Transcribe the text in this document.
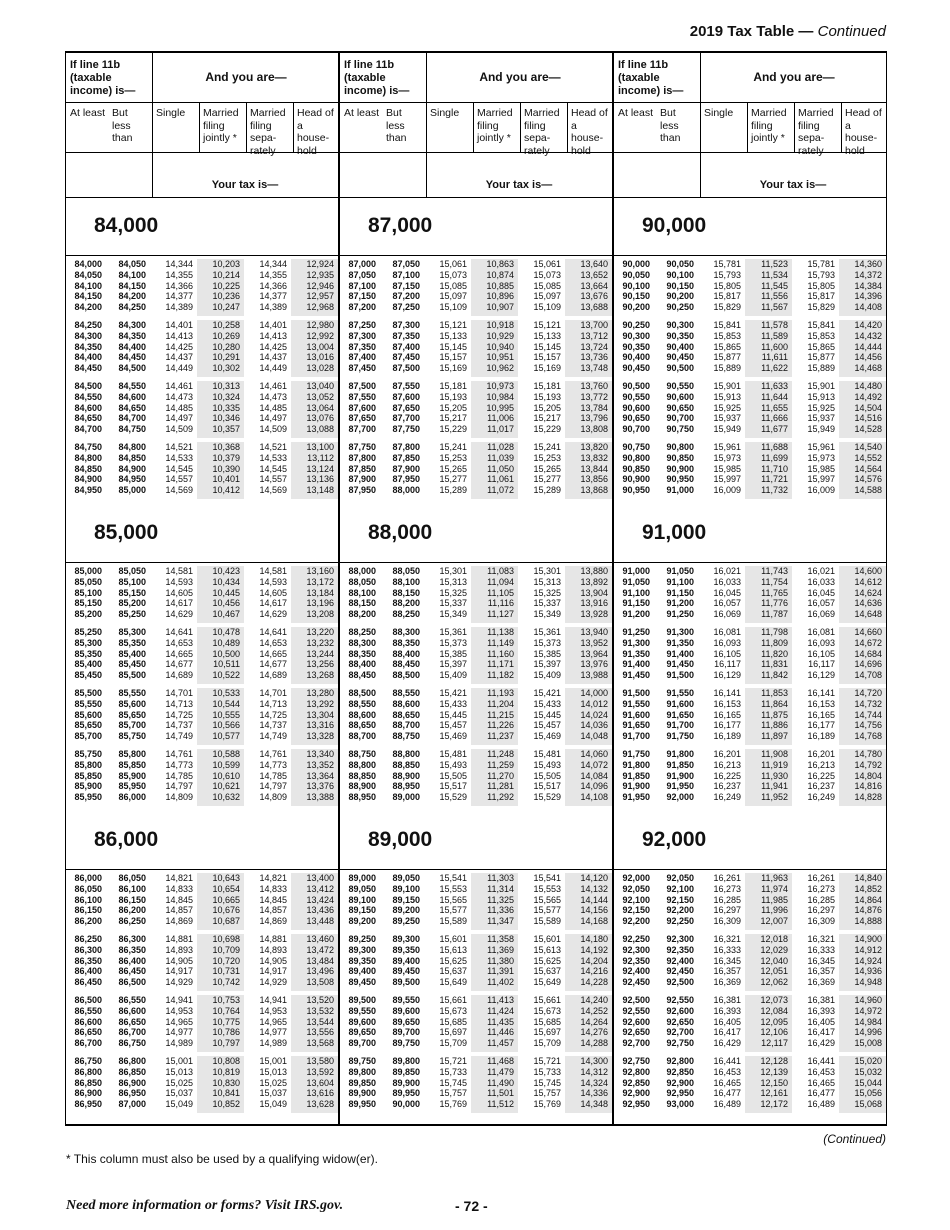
2019 Tax Table — Continued
If line 11b (taxable income) is—
And you are—
At least But less than
Single	Married filing jointly *
Married filing sepa- rately
Head of a house- hold
Your tax is—
84,000
84,000	84,050	14,344	10,203	14,344	12,924
84,050	84,100	14,355	10,214	14,355	12,935
84,100	84,150	14,366	10,225	14,366	12,946
84,150	84,200	14,377	10,236	14,377	12,957
84,200	84,250	14,389	10,247	14,389	12,968
84,250	84,300	14,401	10,258	14,401	12,980
84,300	84,350	14,413	10,269	14,413	12,992
84,350	84,400	14,425	10,280	14,425	13,004
84,400	84,450	14,437	10,291	14,437	13,016
84,450	84,500	14,449	10,302	14,449	13,028
84,500	84,550	14,461	10,313	14,461	13,040
84,550	84,600	14,473	10,324	14,473	13,052
84,600	84,650	14,485	10,335	14,485	13,064
84,650	84,700	14,497	10,346	14,497	13,076
84,700	84,750	14,509	10,357	14,509	13,088
84,750	84,800	14,521	10,368	14,521	13,100
84,800	84,850	14,533	10,379	14,533	13,112
84,850	84,900	14,545	10,390	14,545	13,124
84,900	84,950	14,557	10,401	14,557	13,136
84,950	85,000	14,569	10,412	14,569	13,148
85,000
85,000	85,050	14,581	10,423	14,581	13,160
85,050	85,100	14,593	10,434	14,593	13,172
85,100	85,150	14,605	10,445	14,605	13,184
85,150	85,200	14,617	10,456	14,617	13,196
85,200	85,250	14,629	10,467	14,629	13,208
85,250	85,300	14,641	10,478	14,641	13,220
85,300	85,350	14,653	10,489	14,653	13,232
85,350	85,400	14,665	10,500	14,665	13,244
85,400	85,450	14,677	10,511	14,677	13,256
85,450	85,500	14,689	10,522	14,689	13,268
85,500	85,550	14,701	10,533	14,701	13,280
85,550	85,600	14,713	10,544	14,713	13,292
85,600	85,650	14,725	10,555	14,725	13,304
85,650	85,700	14,737	10,566	14,737	13,316
85,700	85,750	14,749	10,577	14,749	13,328
85,750	85,800	14,761	10,588	14,761	13,340
85,800	85,850	14,773	10,599	14,773	13,352
85,850	85,900	14,785	10,610	14,785	13,364
85,900	85,950	14,797	10,621	14,797	13,376
85,950	86,000	14,809	10,632	14,809	13,388
86,000
86,000	86,050	14,821	10,643	14,821	13,400
86,050	86,100	14,833	10,654	14,833	13,412
86,100	86,150	14,845	10,665	14,845	13,424
86,150	86,200	14,857	10,676	14,857	13,436
86,200	86,250	14,869	10,687	14,869	13,448
86,250	86,300	14,881	10,698	14,881	13,460
86,300	86,350	14,893	10,709	14,893	13,472
86,350	86,400	14,905	10,720	14,905	13,484
86,400	86,450	14,917	10,731	14,917	13,496
86,450	86,500	14,929	10,742	14,929	13,508
86,500	86,550	14,941	10,753	14,941	13,520
86,550	86,600	14,953	10,764	14,953	13,532
86,600	86,650	14,965	10,775	14,965	13,544
86,650	86,700	14,977	10,786	14,977	13,556
86,700	86,750	14,989	10,797	14,989	13,568
86,750	86,800	15,001	10,808	15,001	13,580
86,800	86,850	15,013	10,819	15,013	13,592
86,850	86,900	15,025	10,830	15,025	13,604
86,900	86,950	15,037	10,841	15,037	13,616
86,950	87,000	15,049	10,852	15,049	13,628
If line 11b (taxable income) is—
And you are—
At least But less than
Single	Married filing jointly *
Married filing sepa- rately
Head of a house- hold
Your tax is—
87,000
87,000	87,050	15,061	10,863	15,061	13,640
87,050	87,100	15,073	10,874	15,073	13,652
87,100	87,150	15,085	10,885	15,085	13,664
87,150	87,200	15,097	10,896	15,097	13,676
87,200	87,250	15,109	10,907	15,109	13,688
87,250	87,300	15,121	10,918	15,121	13,700
87,300	87,350	15,133	10,929	15,133	13,712
87,350	87,400	15,145	10,940	15,145	13,724
87,400	87,450	15,157	10,951	15,157	13,736
87,450	87,500	15,169	10,962	15,169	13,748
87,500	87,550	15,181	10,973	15,181	13,760
87,550	87,600	15,193	10,984	15,193	13,772
87,600	87,650	15,205	10,995	15,205	13,784
87,650	87,700	15,217	11,006	15,217	13,796
87,700	87,750	15,229	11,017	15,229	13,808
87,750	87,800	15,241	11,028	15,241	13,820
87,800	87,850	15,253	11,039	15,253	13,832
87,850	87,900	15,265	11,050	15,265	13,844
87,900	87,950	15,277	11,061	15,277	13,856
87,950	88,000	15,289	11,072	15,289	13,868
88,000
88,000	88,050	15,301	11,083	15,301	13,880
88,050	88,100	15,313	11,094	15,313	13,892
88,100	88,150	15,325	11,105	15,325	13,904
88,150	88,200	15,337	11,116	15,337	13,916
88,200	88,250	15,349	11,127	15,349	13,928
88,250	88,300	15,361	11,138	15,361	13,940
88,300	88,350	15,373	11,149	15,373	13,952
88,350	88,400	15,385	11,160	15,385	13,964
88,400	88,450	15,397	11,171	15,397	13,976
88,450	88,500	15,409	11,182	15,409	13,988
88,500	88,550	15,421	11,193	15,421	14,000
88,550	88,600	15,433	11,204	15,433	14,012
88,600	88,650	15,445	11,215	15,445	14,024
88,650	88,700	15,457	11,226	15,457	14,036
88,700	88,750	15,469	11,237	15,469	14,048
88,750	88,800	15,481	11,248	15,481	14,060
88,800	88,850	15,493	11,259	15,493	14,072
88,850	88,900	15,505	11,270	15,505	14,084
88,900	88,950	15,517	11,281	15,517	14,096
88,950	89,000	15,529	11,292	15,529	14,108
89,000
89,000	89,050	15,541	11,303	15,541	14,120
89,050	89,100	15,553	11,314	15,553	14,132
89,100	89,150	15,565	11,325	15,565	14,144
89,150	89,200	15,577	11,336	15,577	14,156
89,200	89,250	15,589	11,347	15,589	14,168
89,250	89,300	15,601	11,358	15,601	14,180
89,300	89,350	15,613	11,369	15,613	14,192
89,350	89,400	15,625	11,380	15,625	14,204
89,400	89,450	15,637	11,391	15,637	14,216
89,450	89,500	15,649	11,402	15,649	14,228
89,500	89,550	15,661	11,413	15,661	14,240
89,550	89,600	15,673	11,424	15,673	14,252
89,600	89,650	15,685	11,435	15,685	14,264
89,650	89,700	15,697	11,446	15,697	14,276
89,700	89,750	15,709	11,457	15,709	14,288
89,750	89,800	15,721	11,468	15,721	14,300
89,800	89,850	15,733	11,479	15,733	14,312
89,850	89,900	15,745	11,490	15,745	14,324
89,900	89,950	15,757	11,501	15,757	14,336
89,950	90,000	15,769	11,512	15,769	14,348
If line 11b (taxable income) is—
And you are—
At least But less than
Single	Married filing jointly *
Married filing sepa- rately
Head of a house- hold
Your tax is—
90,000
90,000	90,050	15,781	11,523	15,781	14,360
90,050	90,100	15,793	11,534	15,793	14,372
90,100	90,150	15,805	11,545	15,805	14,384
90,150	90,200	15,817	11,556	15,817	14,396
90,200	90,250	15,829	11,567	15,829	14,408
90,250	90,300	15,841	11,578	15,841	14,420
90,300	90,350	15,853	11,589	15,853	14,432
90,350	90,400	15,865	11,600	15,865	14,444
90,400	90,450	15,877	11,611	15,877	14,456
90,450	90,500	15,889	11,622	15,889	14,468
90,500	90,550	15,901	11,633	15,901	14,480
90,550	90,600	15,913	11,644	15,913	14,492
90,600	90,650	15,925	11,655	15,925	14,504
90,650	90,700	15,937	11,666	15,937	14,516
90,700	90,750	15,949	11,677	15,949	14,528
90,750	90,800	15,961	11,688	15,961	14,540
90,800	90,850	15,973	11,699	15,973	14,552
90,850	90,900	15,985	11,710	15,985	14,564
90,900	90,950	15,997	11,721	15,997	14,576
90,950	91,000	16,009	11,732	16,009	14,588
91,000
91,000	91,050	16,021	11,743	16,021	14,600
91,050	91,100	16,033	11,754	16,033	14,612
91,100	91,150	16,045	11,765	16,045	14,624
91,150	91,200	16,057	11,776	16,057	14,636
91,200	91,250	16,069	11,787	16,069	14,648
91,250	91,300	16,081	11,798	16,081	14,660
91,300	91,350	16,093	11,809	16,093	14,672
91,350	91,400	16,105	11,820	16,105	14,684
91,400	91,450	16,117	11,831	16,117	14,696
91,450	91,500	16,129	11,842	16,129	14,708
91,500	91,550	16,141	11,853	16,141	14,720
91,550	91,600	16,153	11,864	16,153	14,732
91,600	91,650	16,165	11,875	16,165	14,744
91,650	91,700	16,177	11,886	16,177	14,756
91,700	91,750	16,189	11,897	16,189	14,768
91,750	91,800	16,201	11,908	16,201	14,780
91,800	91,850	16,213	11,919	16,213	14,792
91,850	91,900	16,225	11,930	16,225	14,804
91,900	91,950	16,237	11,941	16,237	14,816
91,950	92,000	16,249	11,952	16,249	14,828
92,000
92,000	92,050	16,261	11,963	16,261	14,840
92,050	92,100	16,273	11,974	16,273	14,852
92,100	92,150	16,285	11,985	16,285	14,864
92,150	92,200	16,297	11,996	16,297	14,876
92,200	92,250	16,309	12,007	16,309	14,888
92,250	92,300	16,321	12,018	16,321	14,900
92,300	92,350	16,333	12,029	16,333	14,912
92,350	92,400	16,345	12,040	16,345	14,924
92,400	92,450	16,357	12,051	16,357	14,936
92,450	92,500	16,369	12,062	16,369	14,948
92,500	92,550	16,381	12,073	16,381	14,960
92,550	92,600	16,393	12,084	16,393	14,972
92,600	92,650	16,405	12,095	16,405	14,984
92,650	92,700	16,417	12,106	16,417	14,996
92,700	92,750	16,429	12,117	16,429	15,008
92,750	92,800	16,441	12,128	16,441	15,020
92,800	92,850	16,453	12,139	16,453	15,032
92,850	92,900	16,465	12,150	16,465	15,044
92,900	92,950	16,477	12,161	16,477	15,056
92,950	93,000	16,489	12,172	16,489	15,068
(Continued)
* This column must also be used by a qualifying widow(er).
Need more information or forms? Visit IRS.gov.	- 72 -
